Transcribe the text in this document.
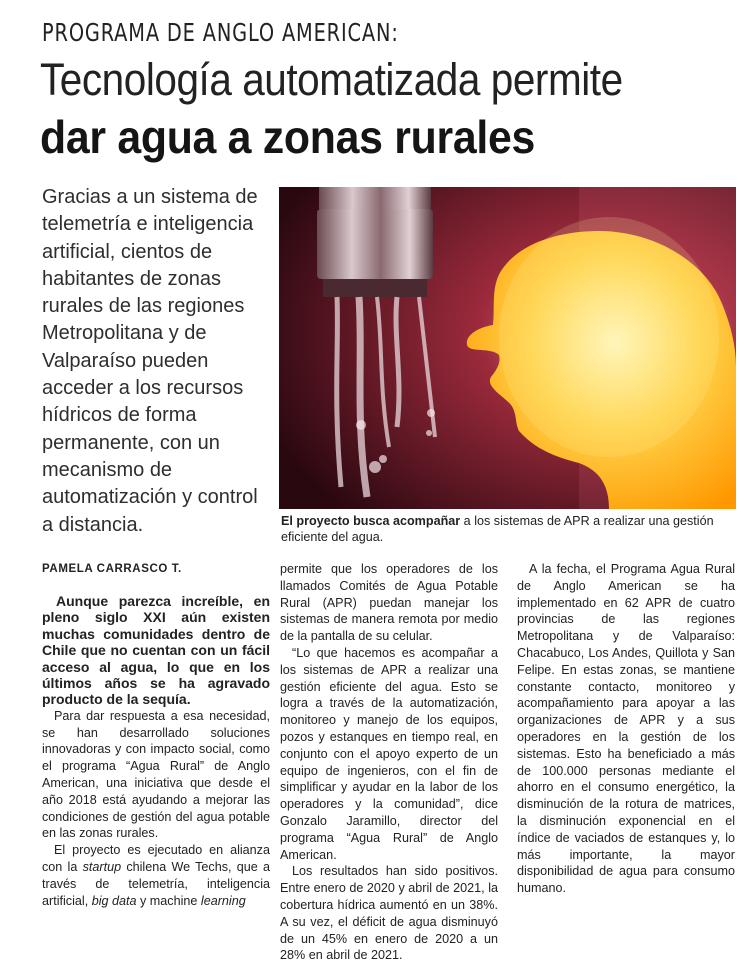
PROGRAMA DE ANGLO AMERICAN:
Tecnología automatizada permite
dar agua a zonas rurales

Gracias a un sistema de telemetría e inteligencia artificial, cientos de habitantes de zonas rurales de las regiones Metropolitana y de Valparaíso pueden acceder a los recursos hídricos de forma permanente, con un mecanismo de automatización y control a distancia.	El proyecto busca acompañar a los sistemas de APR a realizar una gestión eficiente del agua.
PAMELA CARRASCO T.

Aunque parezca increíble, en pleno siglo XXI aún existen muchas comunidades dentro de Chile que no cuentan con un fácil acceso al agua, lo que en los últimos años se ha agravado producto de la sequía.

Para dar respuesta a esa necesidad, se han desarrollado soluciones innovadoras y con impacto social, como el programa “Agua Rural” de Anglo American, una iniciativa que desde el año 2018 está ayudando a mejorar las condiciones de gestión del agua potable en las zonas rurales.

El proyecto es ejecutado en alianza con la startup chilena We Techs, que a través de telemetría, inteligencia artificial, big data y machine learning

permite que los operadores de los llamados Comités de Agua Potable Rural (APR) puedan manejar los sistemas de manera remota por medio de la pantalla de su celular.

“Lo que hacemos es acompañar a los sistemas de APR a realizar una gestión eficiente del agua. Esto se logra a través de la automatización, monitoreo y manejo de los equipos, pozos y estanques en tiempo real, en conjunto con el apoyo experto de un equipo de ingenieros, con el fin de simplificar y ayudar en la labor de los operadores y la comunidad”, dice Gonzalo Jaramillo, director del programa “Agua Rural” de Anglo American.

Los resultados han sido positivos. Entre enero de 2020 y abril de 2021, la cobertura hídrica aumentó en un 38%. A su vez, el déficit de agua disminuyó de un 45% en enero de 2020 a un 28% en abril de 2021.

A la fecha, el Programa Agua Rural de Anglo American se ha implementado en 62 APR de cuatro provincias de las regiones Metropolitana y de Valparaíso: Chacabuco, Los Andes, Quillota y San Felipe. En estas zonas, se mantiene constante contacto, monitoreo y acompañamiento para apoyar a las organizaciones de APR y a sus operadores en la gestión de los sistemas. Esto ha beneficiado a más de 100.000 personas mediante el ahorro en el consumo energético, la disminución de la rotura de matrices, la disminución exponencial en el índice de vaciados de estanques y, lo más importante, la mayor disponibilidad de agua para consumo humano.
